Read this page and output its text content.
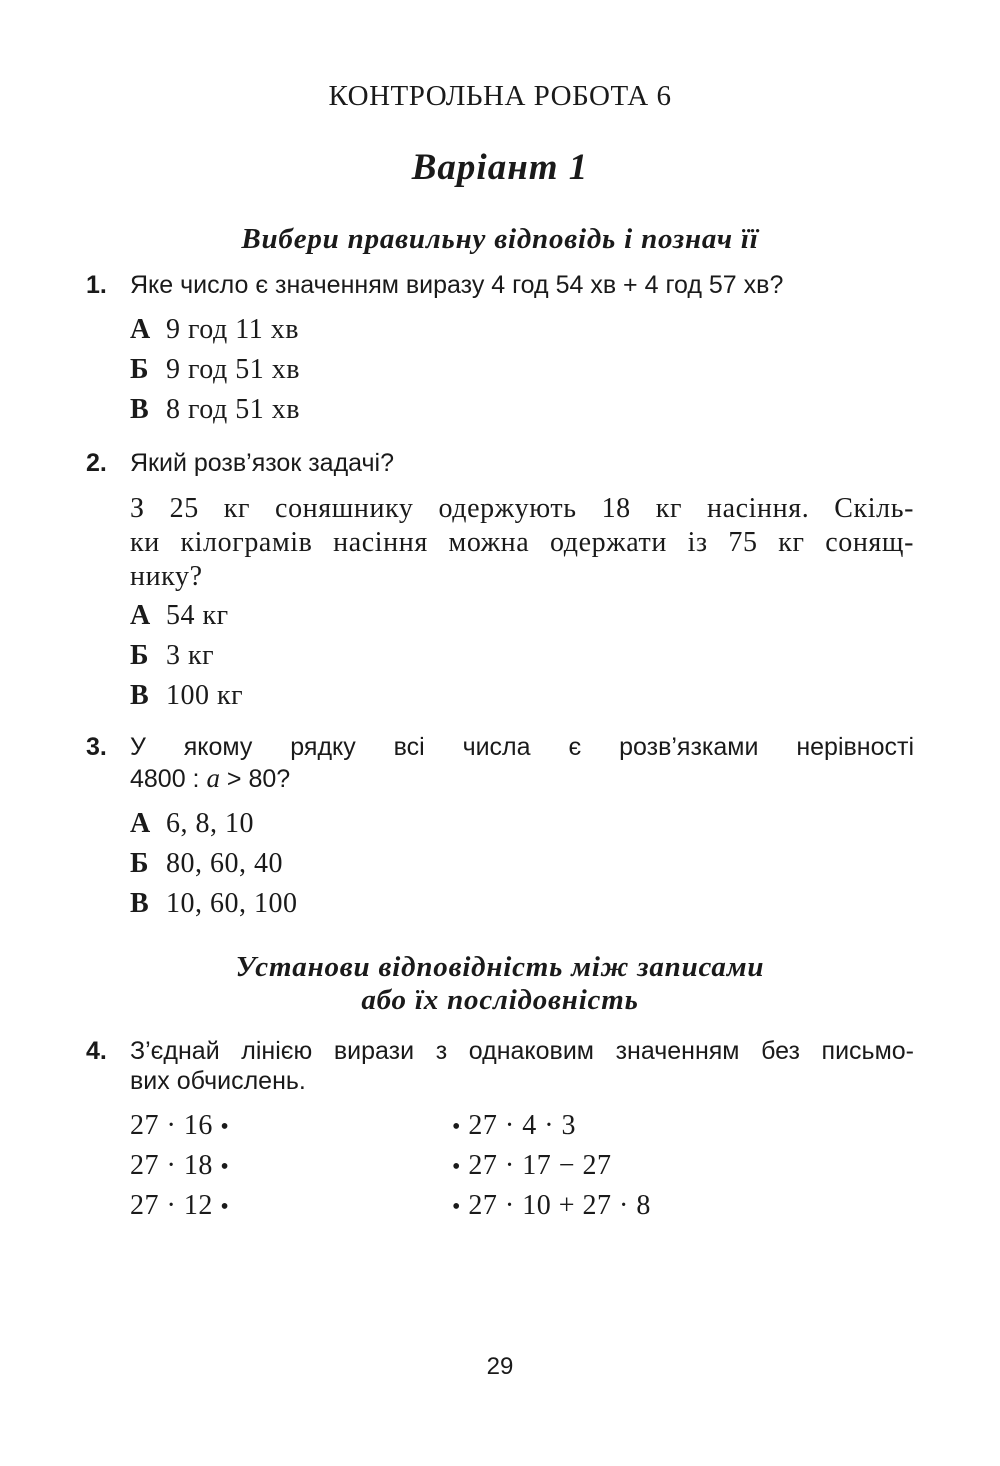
КОНТРОЛЬНА РОБОТА 6
Варіант 1
Вибери правильну відповідь і познач її
1. Яке число є значенням виразу 4 год 54 хв + 4 год 57 хв?
А 9 год 11 хв
Б 9 год 51 хв
В 8 год 51 хв
2. Який розв’язок задачі?
З 25 кг соняшнику одержують 18 кг насіння. Скіль-
ки кілограмів насіння можна одержати із 75 кг сонящ-
нику?
А 54 кг
Б 3 кг
В 100 кг
3. У якому рядку всі числа є розв’язками нерівності
4800 : а > 80?
А 6, 8, 10
Б 80, 60, 40
В 10, 60, 100
Установи відповідність між записами
або їх послідовність
4. З’єднай лінією вирази з однаковим значенням без письмо-
вих обчислень.
27 · 16 •
27 · 18 •
27 · 12 •
• 27 · 4 · 3
• 27 · 17 − 27
• 27 · 10 + 27 · 8
29
